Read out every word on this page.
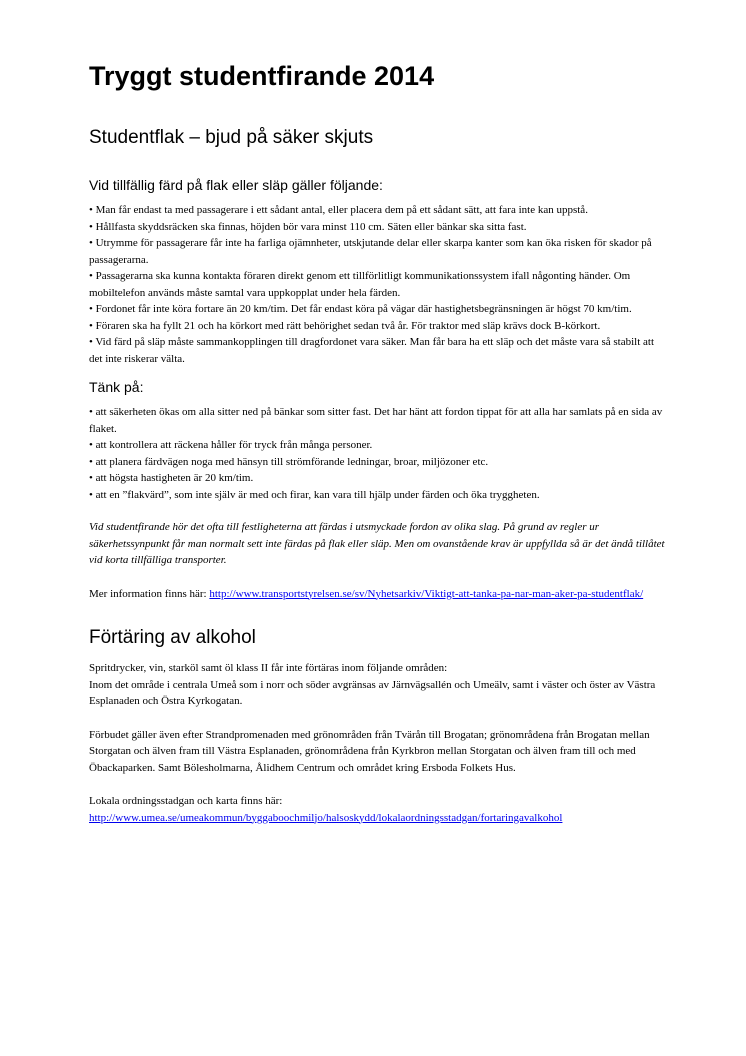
Tryggt studentfirande 2014
Studentflak – bjud på säker skjuts
Vid tillfällig färd på flak eller släp gäller följande:

• Man får endast ta med passagerare i ett sådant antal, eller placera dem på ett sådant sätt, att fara inte kan uppstå.

• Hållfasta skyddsräcken ska finnas, höjden bör vara minst 110 cm. Säten eller bänkar ska sitta fast.

• Utrymme för passagerare får inte ha farliga ojämnheter, utskjutande delar eller skarpa kanter som kan öka risken för skador på passagerarna.

• Passagerarna ska kunna kontakta föraren direkt genom ett tillförlitligt kommunikationssystem ifall någonting händer. Om mobiltelefon används måste samtal vara uppkopplat under hela färden.

• Fordonet får inte köra fortare än 20 km/tim. Det får endast köra på vägar där hastighetsbegränsningen är högst 70 km/tim.

• Föraren ska ha fyllt 21 och ha körkort med rätt behörighet sedan två år. För traktor med släp krävs dock B-körkort.

• Vid färd på släp måste sammankopplingen till dragfordonet vara säker. Man får bara ha ett släp och det måste vara så stabilt att det inte riskerar välta.

Tänk på:

• att säkerheten ökas om alla sitter ned på bänkar som sitter fast. Det har hänt att fordon tippat för att alla har samlats på en sida av flaket.

• att kontrollera att räckena håller för tryck från många personer.

• att planera färdvägen noga med hänsyn till strömförande ledningar, broar, miljözoner etc.

• att högsta hastigheten är 20 km/tim.

• att en ”flakvärd”, som inte själv är med och firar, kan vara till hjälp under färden och öka tryggheten.

Vid studentfirande hör det ofta till festligheterna att färdas i utsmyckade fordon av olika slag. På grund av regler ur säkerhetssynpunkt får man normalt sett inte färdas på flak eller släp. Men om ovanstående krav är uppfyllda så är det ändå tillåtet vid korta tillfälliga transporter.

Mer information finns här: http://www.transportstyrelsen.se/sv/Nyhetsarkiv/Viktigt-att-tanka-pa-nar-man-aker-pa-studentflak/

Förtäring av alkohol

Spritdrycker, vin, starköl samt öl klass II får inte förtäras inom följande områden:

Inom det område i centrala Umeå som i norr och söder avgränsas av Järnvägsallén och Umeälv, samt i väster och öster av Västra Esplanaden och Östra Kyrkogatan.

Förbudet gäller även efter Strandpromenaden med grönområden från Tvärån till Brogatan; grönområdena från Brogatan mellan Storgatan och älven fram till Västra Esplanaden, grönområdena från Kyrkbron mellan Storgatan och älven fram till och med Öbackaparken. Samt Bölesholmarna, Ålidhem Centrum och området kring Ersboda Folkets Hus.

Lokala ordningsstadgan och karta finns här:

http://www.umea.se/umeakommun/byggaboochmiljo/halsoskydd/lokalaordningsstadgan/fortaringavalkohol
